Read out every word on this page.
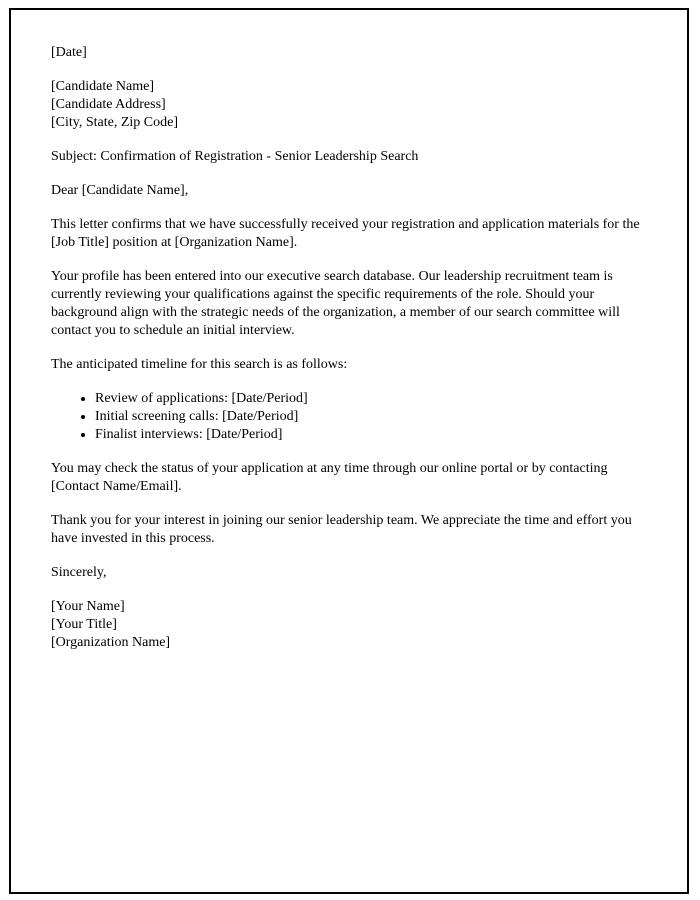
[Date]
[Candidate Name]
[Candidate Address]
[City, State, Zip Code]

Subject: Confirmation of Registration - Senior Leadership Search

Dear [Candidate Name],

This letter confirms that we have successfully received your registration and application materials for the [Job Title] position at [Organization Name].

Your profile has been entered into our executive search database. Our leadership recruitment team is currently reviewing your qualifications against the specific requirements of the role. Should your background align with the strategic needs of the organization, a member of our search committee will contact you to schedule an initial interview.

The anticipated timeline for this search is as follows:

• Review of applications: [Date/Period]
• Initial screening calls: [Date/Period]
• Finalist interviews: [Date/Period]

You may check the status of your application at any time through our online portal or by contacting [Contact Name/Email].

Thank you for your interest in joining our senior leadership team. We appreciate the time and effort you have invested in this process.

Sincerely,

[Your Name]
[Your Title]
[Organization Name]
